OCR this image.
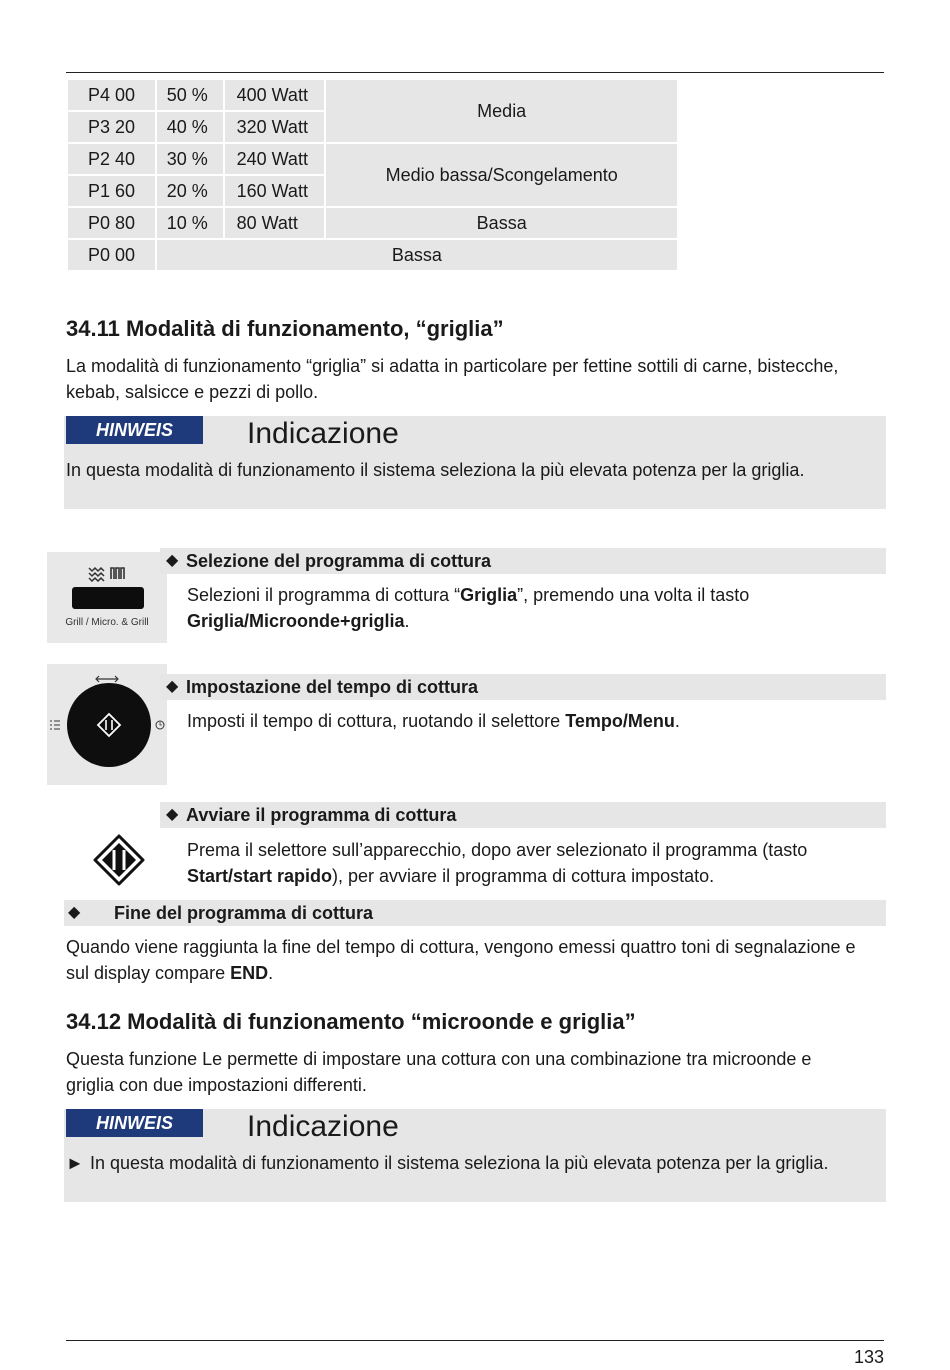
P4 00	50 %	400 Watt	Media
P3 20	40 %	320 Watt	
P2 40	30 %	240 Watt	Medio bassa/Scongelamento
P1 60	20 %	160 Watt	
P0 80	10 %	80 Watt	Bassa
P0 00	Bassa		
34.11 Modalità di funzionamento, “griglia”

La modalità di funzionamento “griglia” si adatta in particolare per fettine sottili di carne, bistecche, kebab, salsicce e pezzi di pollo.

HINWEIS	Indicazione
In questa modalità di funzionamento il sistema seleziona la più elevata potenza per la griglia.
Grill / Micro. & Grill
◆ Selezione del programma di cottura

Selezioni il programma di cottura “Griglia”, premendo una volta il tasto Griglia/Microonde+griglia.

◆ Impostazione del tempo di cottura

Imposti il tempo di cottura, ruotando il selettore Tempo/Menu.

◆ Avviare il programma di cottura

Prema il selettore sull’apparecchio, dopo aver selezionato il programma (tasto Start/start rapido), per avviare il programma di cottura impostato.

◆ Fine del programma di cottura

Quando viene raggiunta la fine del tempo di cottura, vengono emessi quattro toni di segnalazione e sul display compare END.

34.12 Modalità di funzionamento “microonde e griglia”

Questa funzione Le permette di impostare una cottura con una combinazione tra microonde e griglia con due impostazioni differenti.

HINWEIS	Indicazione
► In questa modalità di funzionamento il sistema seleziona la più elevata potenza per la griglia.
133
